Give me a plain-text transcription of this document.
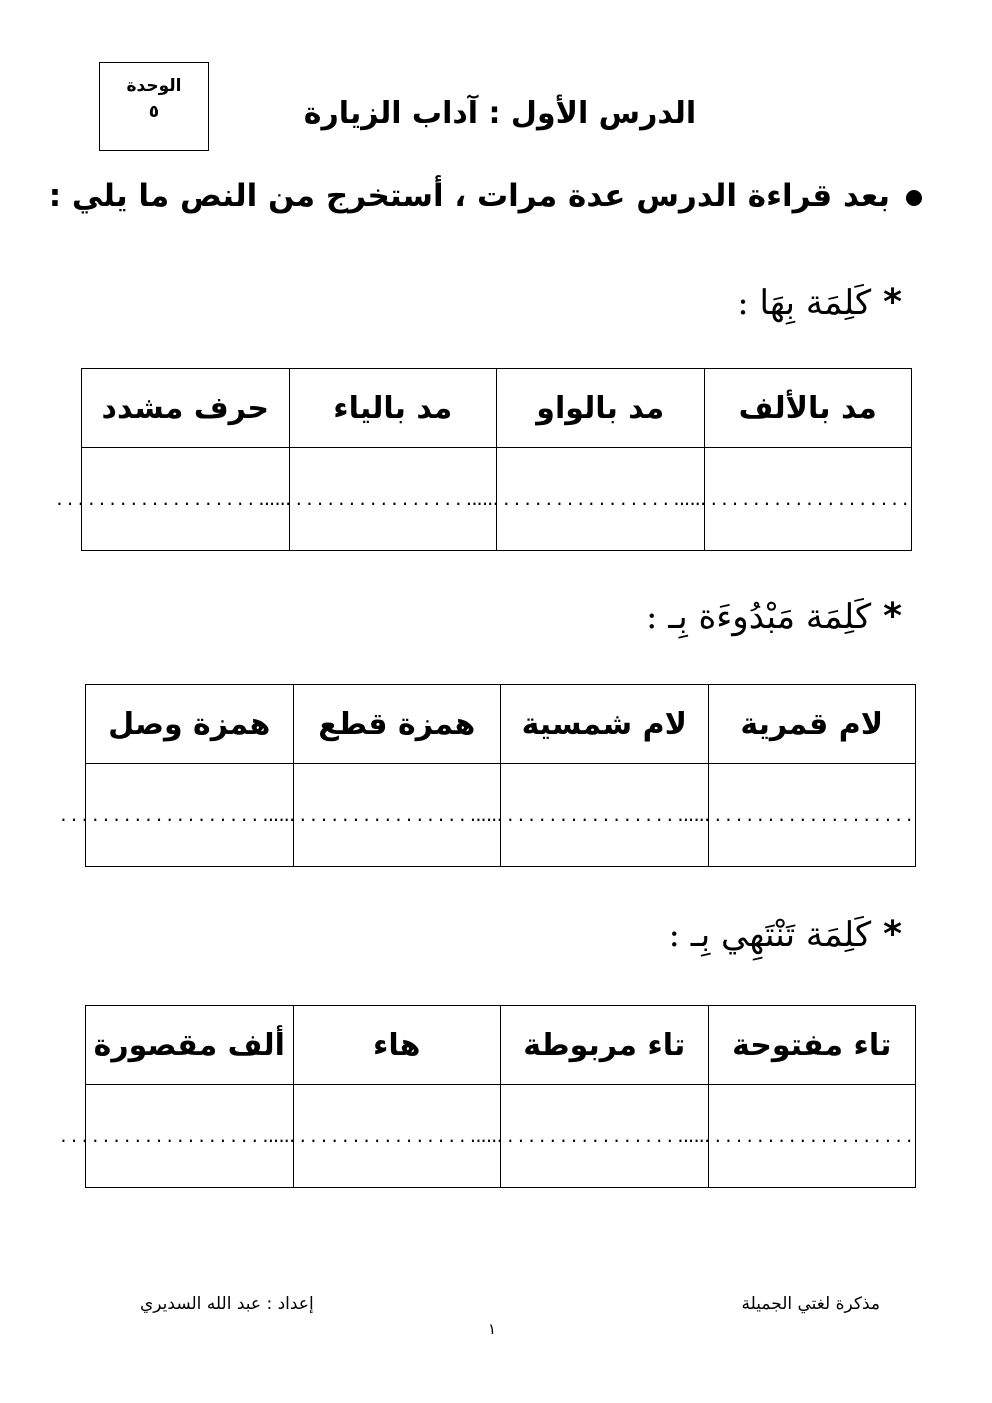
الوحدة
٥	الدرس الأول : آداب الزيارة
بعد قراءة الدرس عدة مرات ، أستخرج من النص ما يلي :
*كَلِمَة بِهَا :
مد بالألف	مد بالواو	مد بالياء	حرف مشدد
......................	......................	......................	......................
*كَلِمَة مَبْدُوءَة بِـ :
لام قمرية	لام شمسية	همزة قطع	همزة وصل
......................	......................	......................	......................
*كَلِمَة تَنْتَهِي بِـ :
تاء مفتوحة	تاء مربوطة	هاء	ألف مقصورة
......................	......................	......................	......................
مذكرة لغتي الجميلة
إعداد : عبد الله السديري
١
